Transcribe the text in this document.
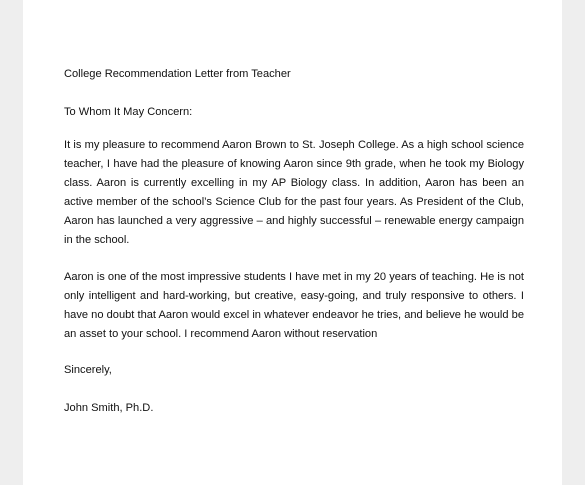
College Recommendation Letter from Teacher

To Whom It May Concern:

It is my pleasure to recommend Aaron Brown to St. Joseph College. As a high school science teacher, I have had the pleasure of knowing Aaron since 9th grade, when he took my Biology class. Aaron is currently excelling in my AP Biology class. In addition, Aaron has been an active member of the school’s Science Club for the past four years. As President of the Club, Aaron has launched a very aggressive – and highly successful – renewable energy campaign in the school.

Aaron is one of the most impressive students I have met in my 20 years of teaching. He is not only intelligent and hard-working, but creative, easy-going, and truly responsive to others. I have no doubt that Aaron would excel in whatever endeavor he tries, and believe he would be an asset to your school. I recommend Aaron without reservation

Sincerely,

John Smith, Ph.D.
